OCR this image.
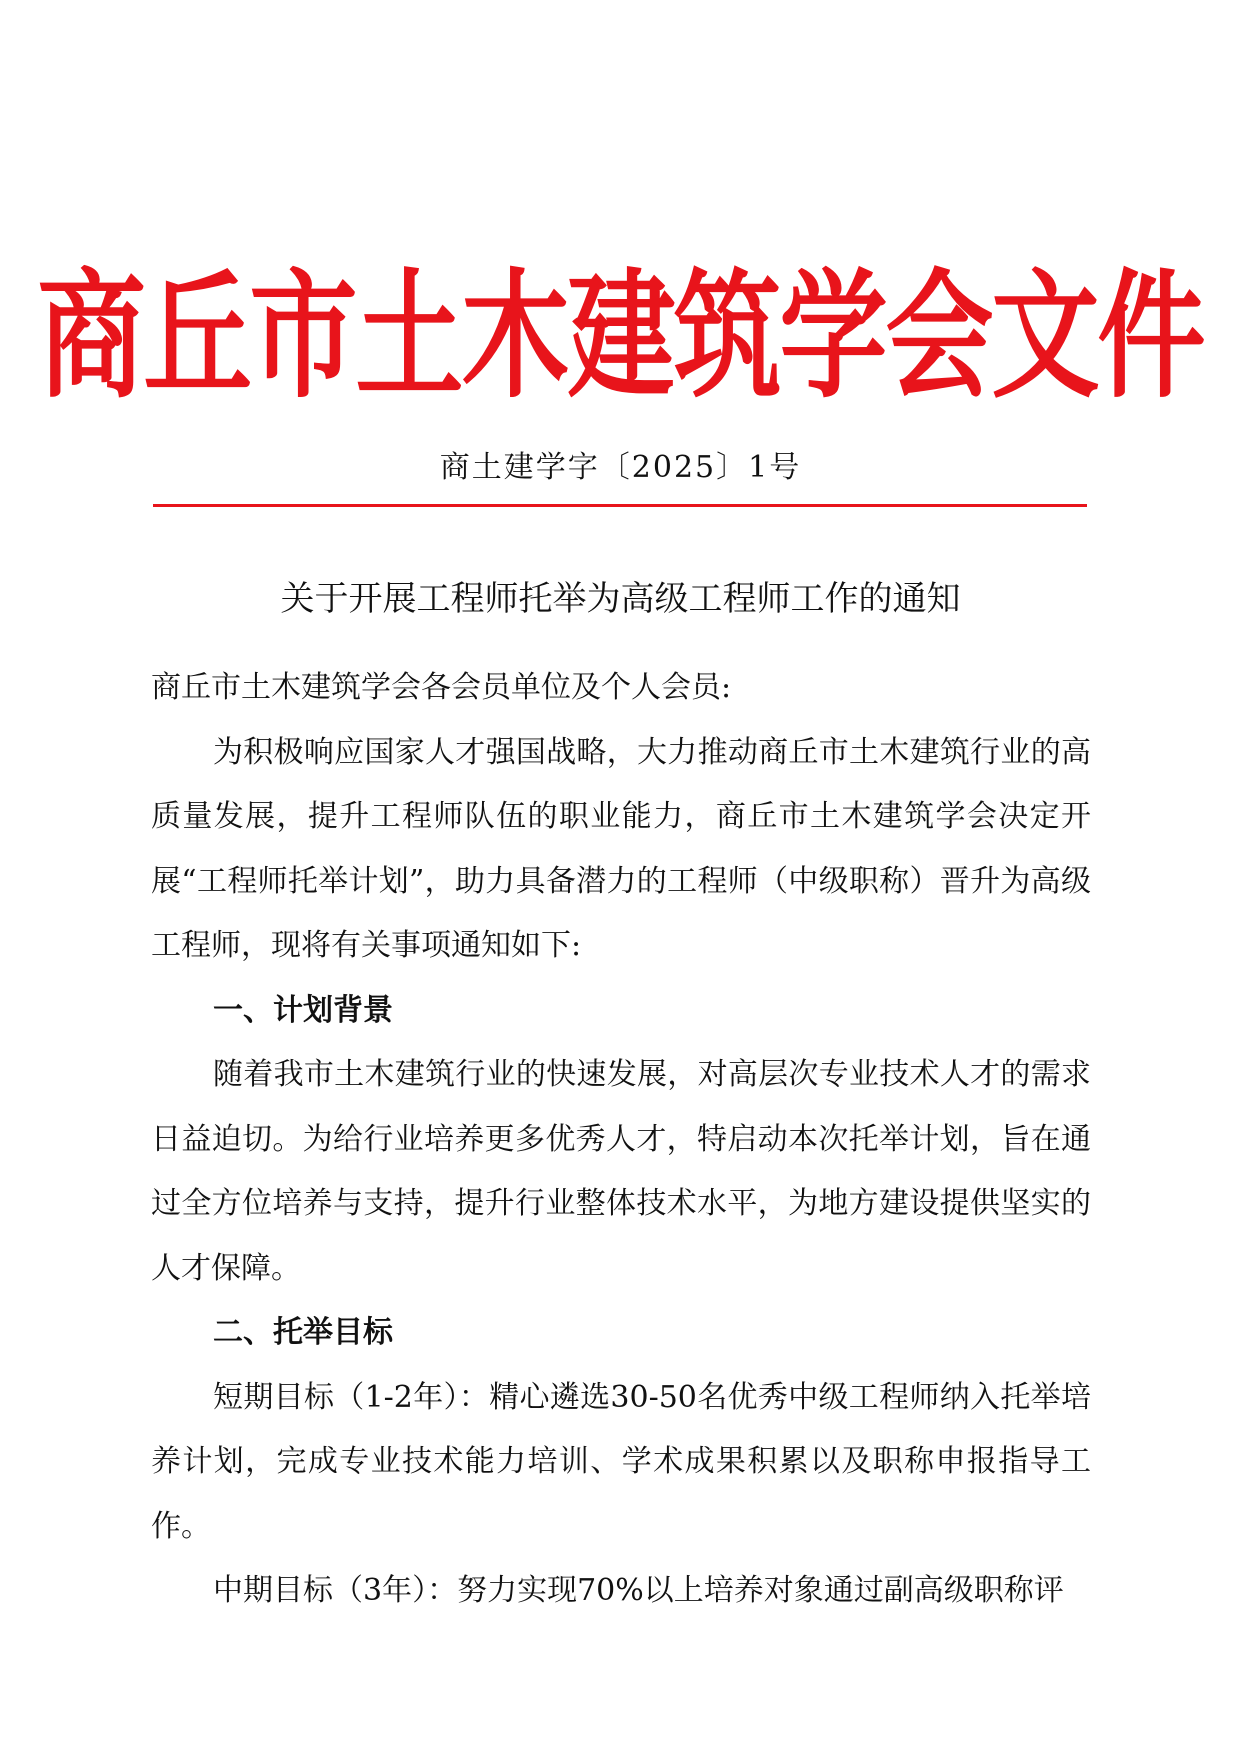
商丘市土木建筑学会文件
商土建学字〔2025〕1号
关于开展工程师托举为高级工程师工作的通知

商丘市土木建筑学会各会员单位及个人会员:

为积极响应国家人才强国战略，大力推动商丘市土木建筑行业的高质量发展，提升工程师队伍的职业能力，商丘市土木建筑学会决定开展“工程师托举计划”，助力具备潜力的工程师（中级职称）晋升为高级工程师，现将有关事项通知如下:

一、计划背景

随着我市土木建筑行业的快速发展，对高层次专业技术人才的需求日益迫切。为给行业培养更多优秀人才，特启动本次托举计划，旨在通过全方位培养与支持，提升行业整体技术水平，为地方建设提供坚实的人才保障。

二、托举目标

短期目标（1-2年）：精心遴选30-50名优秀中级工程师纳入托举培养计划，完成专业技术能力培训、学术成果积累以及职称申报指导工作。

中期目标（3年）：努力实现70%以上培养对象通过副高级职称评
